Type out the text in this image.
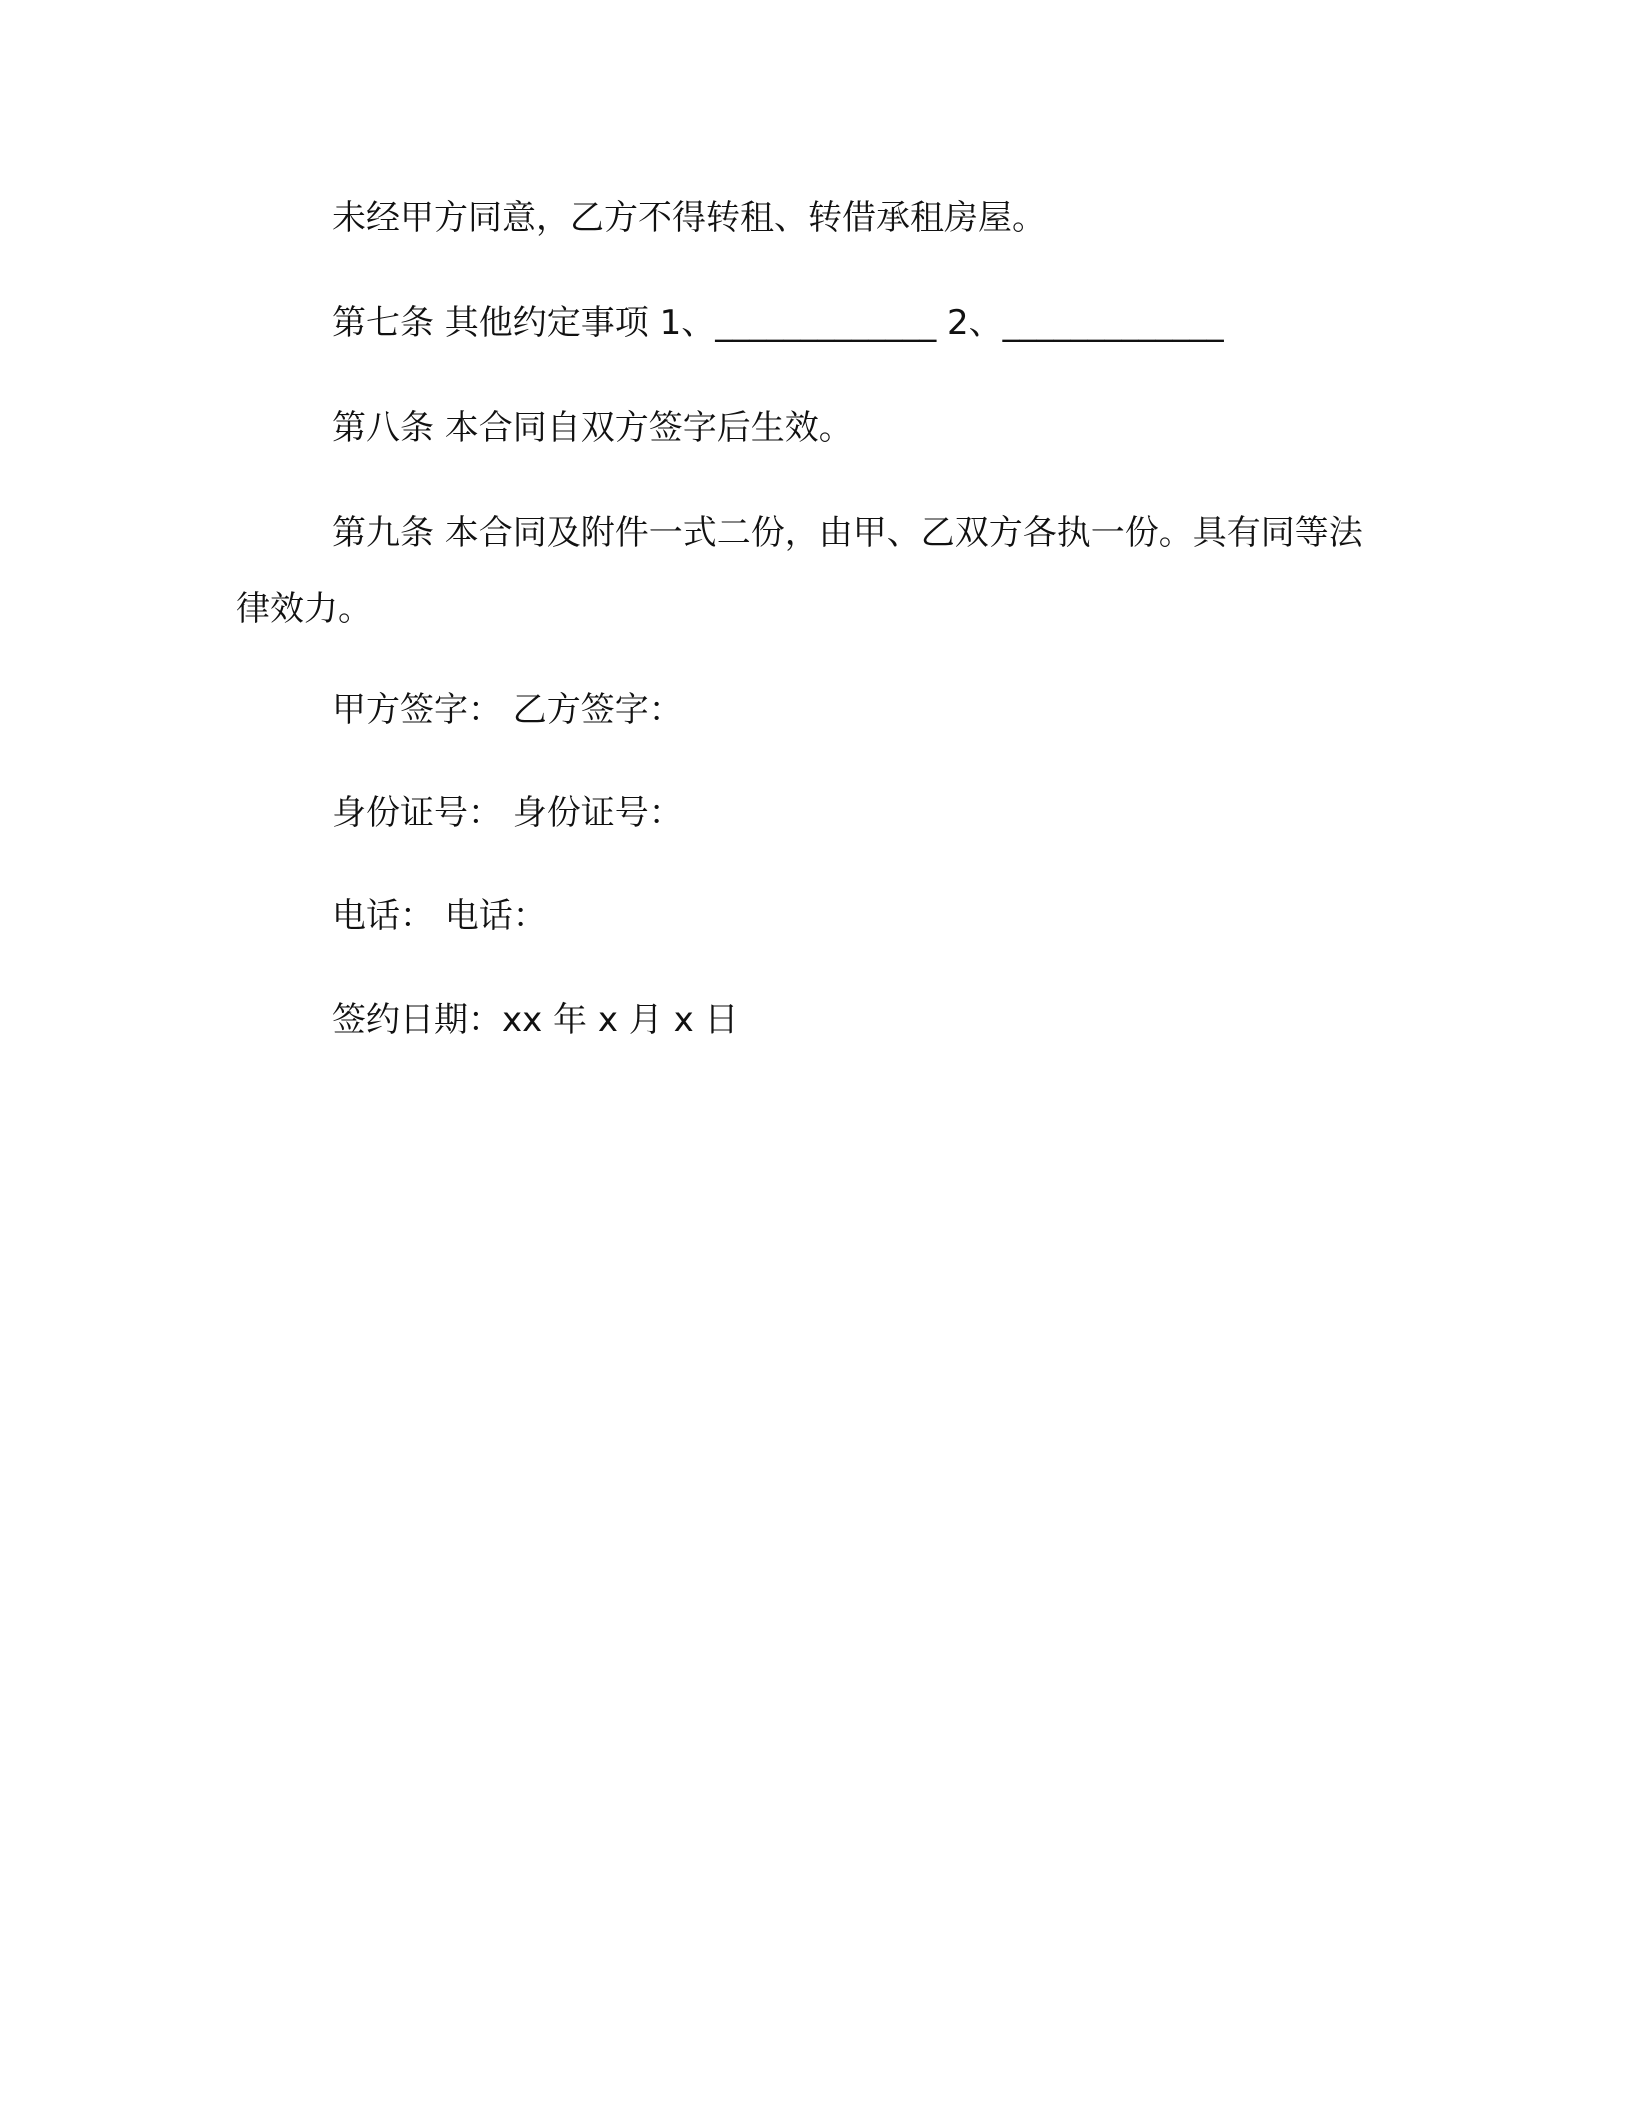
未经甲方同意，乙方不得转租、转借承租房屋。
第七条 其他约定事项 1、_____________ 2、_____________
第八条 本合同自双方签字后生效。
第九条 本合同及附件一式二份，由甲、乙双方各执一份。具有同等法律效力。
甲方签字： 乙方签字：
身份证号： 身份证号：
电话： 电话：
签约日期：xx 年 x 月 x 日
